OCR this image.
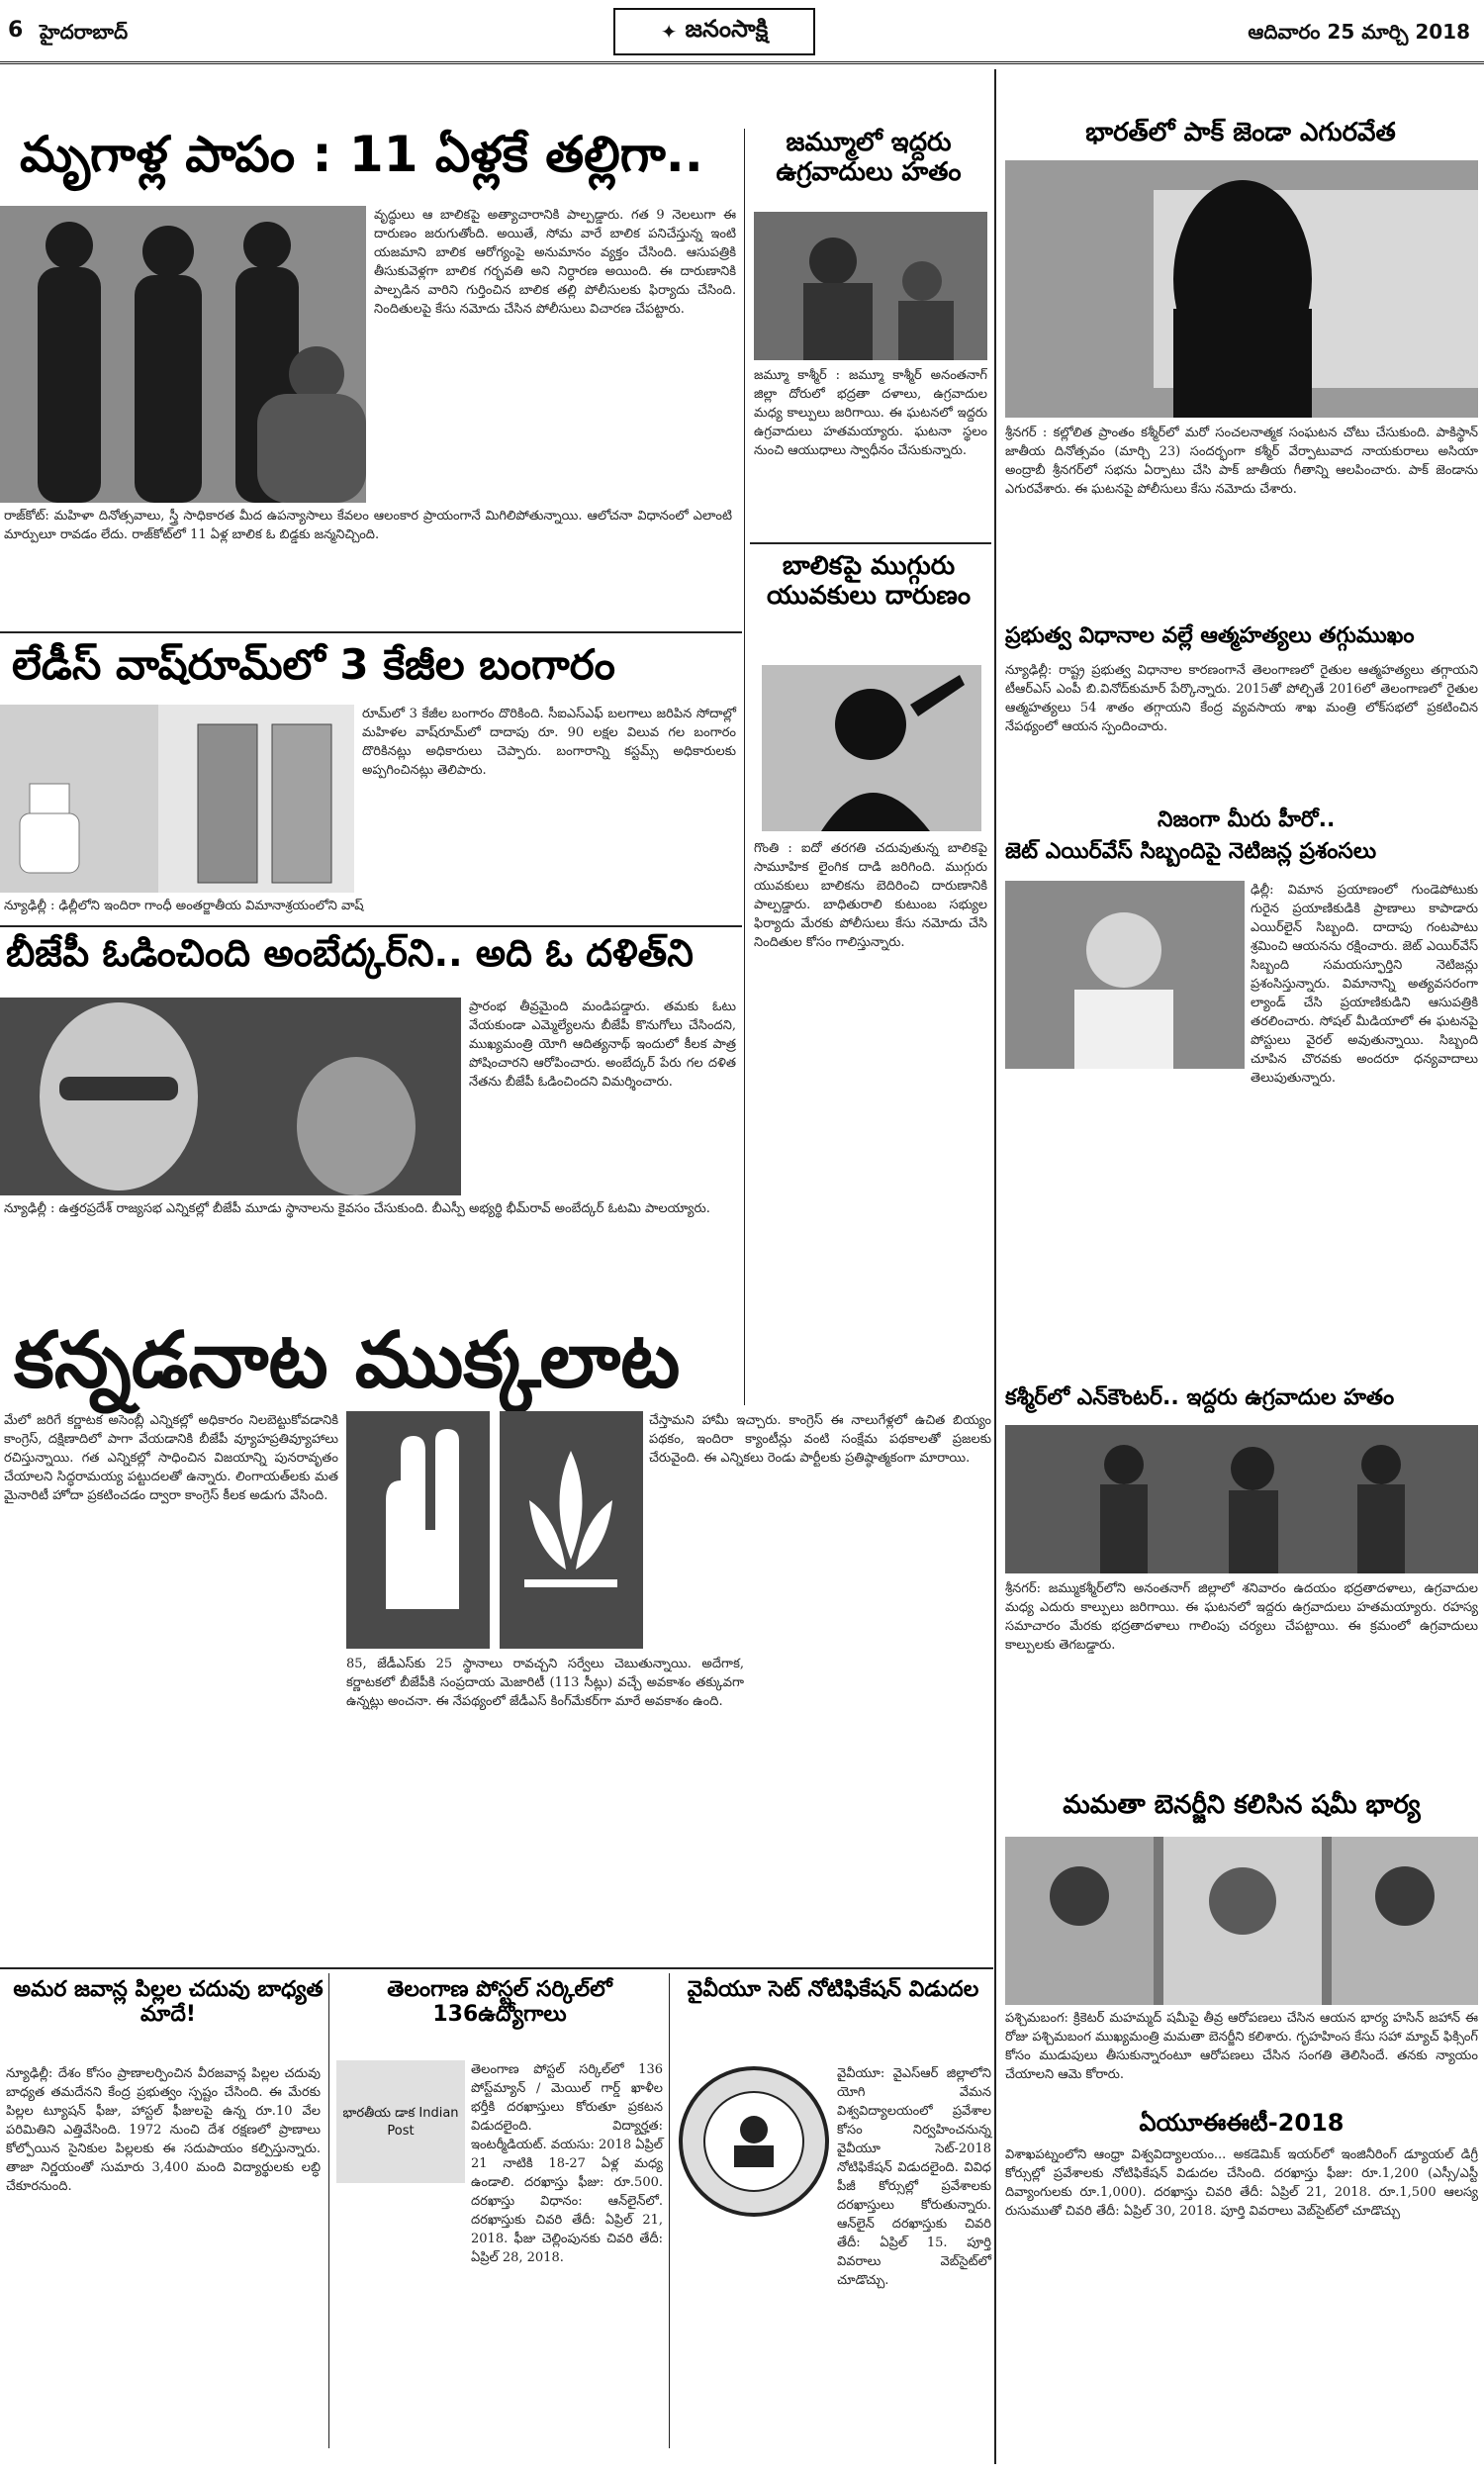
6 హైదరాబాద్	✦ జనంసాక్షి	ఆదివారం 25 మార్చి 2018
మృగాళ్ల పాపం : 11 ఏళ్లకే తల్లిగా..
వృద్ధులు ఆ బాలికపై అత్యాచారానికి పాల్పడ్డారు. గత 9 నెలలుగా ఈ దారుణం జరుగుతోంది. అయితే, సోమ వారే బాలిక పనిచేస్తున్న ఇంటి యజమాని బాలిక ఆరోగ్యంపై అనుమానం వ్యక్తం చేసింది. ఆసుపత్రికి తీసుకువెళ్లగా బాలిక గర్భవతి అని నిర్ధారణ అయింది. ఈ దారుణానికి పాల్పడిన వారిని గుర్తించిన బాలిక తల్లి పోలీసులకు ఫిర్యాదు చేసింది. నిందితులపై కేసు నమోదు చేసిన పోలీసులు విచారణ చేపట్టారు.
రాజ్‌కోట్‌: మహిళా దినోత్సవాలు, స్త్రీ సాధికారత మీద ఉపన్యాసాలు కేవలం ఆలంకార ప్రాయంగానే మిగిలిపోతున్నాయి. ఆలోచనా విధానంలో ఎలాంటి మార్పులూ రావడం లేదు. రాజ్‌కోట్‌లో 11 ఏళ్ల బాలిక ఓ బిడ్డకు జన్మనిచ్చింది.
లేడీస్‌ వాష్‌రూమ్‌లో 3 కేజీల బంగారం
రూమ్‌లో 3 కేజీల బంగారం దొరికింది. సీఐఎస్‌ఎఫ్‌ బలగాలు జరిపిన సోదాల్లో మహిళల వాష్‌రూమ్‌లో దాదాపు రూ. 90 లక్షల విలువ గల బంగారం దొరికినట్లు అధికారులు చెప్పారు. బంగారాన్ని కస్టమ్స్‌ అధికారులకు అప్పగించినట్లు తెలిపారు.
న్యూఢిల్లీ : ఢిల్లీలోని ఇందిరా గాంధీ అంతర్జాతీయ విమానాశ్రయంలోని వాష్‌
బీజేపీ ఓడించింది అంబేద్కర్‌ని.. అది ఓ దళిత్‌ని
ప్రారంభ తీవ్రమైంది మండిపడ్డారు. తమకు ఓటు వేయకుండా ఎమ్మెల్యేలను బీజేపీ కొనుగోలు చేసిందని, ముఖ్యమంత్రి యోగి ఆదిత్యనాథ్‌ ఇందులో కీలక పాత్ర పోషించారని ఆరోపించారు. అంబేద్కర్‌ పేరు గల దళిత నేతను బీజేపీ ఓడించిందని విమర్శించారు.
న్యూఢిల్లీ : ఉత్తరప్రదేశ్‌ రాజ్యసభ ఎన్నికల్లో బీజేపీ మూడు స్థానాలను కైవసం చేసుకుంది. బీఎస్పీ అభ్యర్థి భీమ్‌రావ్‌ అంబేద్కర్‌ ఓటమి పాలయ్యారు.
కన్నడనాట ముక్కలాట
మేలో జరిగే కర్ణాటక అసెంబ్లీ ఎన్నికల్లో అధికారం నిలబెట్టుకోవడానికి కాంగ్రెస్‌, దక్షిణాదిలో పాగా వేయడానికి బీజేపీ వ్యూహప్రతివ్యూహాలు రచిస్తున్నాయి. గత ఎన్నికల్లో సాధించిన విజయాన్ని పునరావృతం చేయాలని సిద్ధరామయ్య పట్టుదలతో ఉన్నారు. లింగాయత్‌లకు మత మైనారిటీ హోదా ప్రకటించడం ద్వారా కాంగ్రెస్‌ కీలక అడుగు వేసింది.
85, జేడీఎస్‌కు 25 స్థానాలు రావచ్చని సర్వేలు చెబుతున్నాయి. అదేగాక, కర్ణాటకలో బీజేపీకి సంప్రదాయ మెజారిటీ (113 సీట్లు) వచ్చే అవకాశం తక్కువగా ఉన్నట్లు అంచనా. ఈ నేపథ్యంలో జేడీఎస్‌ కింగ్‌మేకర్‌గా మారే అవకాశం ఉంది.
చేస్తామని హామీ ఇచ్చారు. కాంగ్రెస్‌ ఈ నాలుగేళ్లలో ఉచిత బియ్యం పథకం, ఇందిరా క్యాంటీన్లు వంటి సంక్షేమ పథకాలతో ప్రజలకు చేరువైంది. ఈ ఎన్నికలు రెండు పార్టీలకు ప్రతిష్ఠాత్మకంగా మారాయి.
జమ్మూలో ఇద్దరు ఉగ్రవాదులు హతం
జమ్మూ కాశ్మీర్‌ : జమ్మూ కాశ్మీర్‌ అనంతనాగ్‌ జిల్లా దోరులో భద్రతా దళాలు, ఉగ్రవాదుల మధ్య కాల్పులు జరిగాయి. ఈ ఘటనలో ఇద్దరు ఉగ్రవాదులు హతమయ్యారు. ఘటనా స్థలం నుంచి ఆయుధాలు స్వాధీనం చేసుకున్నారు.
బాలికపై ముగ్గురు యువకులు దారుణం
గొంతి : ఐదో తరగతి చదువుతున్న బాలికపై సామూహిక లైంగిక దాడి జరిగింది. ముగ్గురు యువకులు బాలికను బెదిరించి దారుణానికి పాల్పడ్డారు. బాధితురాలి కుటుంబ సభ్యుల ఫిర్యాదు మేరకు పోలీసులు కేసు నమోదు చేసి నిందితుల కోసం గాలిస్తున్నారు.
భారత్‌లో పాక్‌ జెండా ఎగురవేత
శ్రీనగర్‌ : కల్లోలిత ప్రాంతం కశ్మీర్‌లో మరో సంచలనాత్మక సంఘటన చోటు చేసుకుంది. పాకిస్థాన్‌ జాతీయ దినోత్సవం (మార్చి 23) సందర్భంగా కశ్మీర్‌ వేర్పాటువాద నాయకురాలు అసియా అంద్రాబీ శ్రీనగర్‌లో సభను ఏర్పాటు చేసి పాక్‌ జాతీయ గీతాన్ని ఆలపించారు. పాక్‌ జెండాను ఎగురవేశారు. ఈ ఘటనపై పోలీసులు కేసు నమోదు చేశారు.
ప్రభుత్వ విధానాల వల్లే ఆత్మహత్యలు తగ్గుముఖం
న్యూఢిల్లీ: రాష్ట్ర ప్రభుత్వ విధానాల కారణంగానే తెలంగాణలో రైతుల ఆత్మహత్యలు తగ్గాయని టీఆర్‌ఎస్‌ ఎంపీ బి.వినోద్‌కుమార్‌ పేర్కొన్నారు. 2015తో పోల్చితే 2016లో తెలంగాణలో రైతుల ఆత్మహత్యలు 54 శాతం తగ్గాయని కేంద్ర వ్యవసాయ శాఖ మంత్రి లోక్‌సభలో ప్రకటించిన నేపథ్యంలో ఆయన స్పందించారు.
నిజంగా మీరు హీరో..
జెట్‌ ఎయిర్‌వేస్‌ సిబ్బందిపై నెటిజన్ల ప్రశంసలు
ఢిల్లీ: విమాన ప్రయాణంలో గుండెపోటుకు గురైన ప్రయాణికుడికి ప్రాణాలు కాపాడారు ఎయిర్‌లైన్‌ సిబ్బంది. దాదాపు గంటపాటు శ్రమించి ఆయనను రక్షించారు. జెట్‌ ఎయిర్‌వేస్‌ సిబ్బంది సమయస్ఫూర్తిని నెటిజన్లు ప్రశంసిస్తున్నారు. విమానాన్ని అత్యవసరంగా ల్యాండ్‌ చేసి ప్రయాణికుడిని ఆసుపత్రికి తరలించారు. సోషల్‌ మీడియాలో ఈ ఘటనపై పోస్టులు వైరల్‌ అవుతున్నాయి. సిబ్బంది చూపిన చొరవకు అందరూ ధన్యవాదాలు తెలుపుతున్నారు.
కశ్మీర్‌లో ఎన్‌కౌంటర్‌.. ఇద్దరు ఉగ్రవాదుల హతం
శ్రీనగర్‌: జమ్ముకశ్మీర్‌లోని అనంతనాగ్‌ జిల్లాలో శనివారం ఉదయం భద్రతాదళాలు, ఉగ్రవాదుల మధ్య ఎదురు కాల్పులు జరిగాయి. ఈ ఘటనలో ఇద్దరు ఉగ్రవాదులు హతమయ్యారు. రహస్య సమాచారం మేరకు భద్రతాదళాలు గాలింపు చర్యలు చేపట్టాయి. ఈ క్రమంలో ఉగ్రవాదులు కాల్పులకు తెగబడ్డారు.
మమతా బెనర్జీని కలిసిన షమీ భార్య
పశ్చిమబంగ: క్రికెటర్‌ మహమ్మద్‌ షమీపై తీవ్ర ఆరోపణలు చేసిన ఆయన భార్య హసిన్‌ జహాన్‌ ఈ రోజు పశ్చిమబంగ ముఖ్యమంత్రి మమతా బెనర్జీని కలిశారు. గృహహింస కేసు సహా మ్యాచ్‌ ఫిక్సింగ్‌ కోసం ముడుపులు తీసుకున్నారంటూ ఆరోపణలు చేసిన సంగతి తెలిసిందే. తనకు న్యాయం చేయాలని ఆమె కోరారు.
ఏయూఈఈటీ-2018
విశాఖపట్నంలోని ఆంధ్రా విశ్వవిద్యాలయం... అకడెమిక్‌ ఇయర్‌లో ఇంజినీరింగ్‌ డ్యూయల్‌ డిగ్రీ కోర్సుల్లో ప్రవేశాలకు నోటిఫికేషన్‌ విడుదల చేసింది. దరఖాస్తు ఫీజు: రూ.1,200 (ఎస్సీ/ఎస్టీ దివ్యాంగులకు రూ.1,000). దరఖాస్తు చివరి తేదీ: ఏప్రిల్‌ 21, 2018. రూ.1,500 ఆలస్య రుసుముతో చివరి తేదీ: ఏప్రిల్‌ 30, 2018. పూర్తి వివరాలు వెబ్‌సైట్‌లో చూడొచ్చు
అమర జవాన్ల పిల్లల చదువు బాధ్యత మాదే!
న్యూఢిల్లీ: దేశం కోసం ప్రాణాలర్పించిన వీరజవాన్ల పిల్లల చదువు బాధ్యత తమదేనని కేంద్ర ప్రభుత్వం స్పష్టం చేసింది. ఈ మేరకు పిల్లల ట్యూషన్‌ ఫీజు, హాస్టల్‌ ఫీజులపై ఉన్న రూ.10 వేల పరిమితిని ఎత్తివేసింది. 1972 నుంచి దేశ రక్షణలో ప్రాణాలు కోల్పోయిన సైనికుల పిల్లలకు ఈ సదుపాయం కల్పిస్తున్నారు. తాజా నిర్ణయంతో సుమారు 3,400 మంది విద్యార్థులకు లబ్ధి చేకూరనుంది.
తెలంగాణ పోస్టల్‌ సర్కిల్‌లో 136ఉద్యోగాలు
భారతీయ డాక Indian Post
తెలంగాణ పోస్టల్‌ సర్కిల్‌లో 136 పోస్ట్‌మ్యాన్‌ / మెయిల్‌ గార్డ్‌ ఖాళీల భర్తీకి దరఖాస్తులు కోరుతూ ప్రకటన విడుదలైంది. విద్యార్హత: ఇంటర్మీడియట్‌. వయసు: 2018 ఏప్రిల్‌ 21 నాటికి 18-27 ఏళ్ల మధ్య ఉండాలి. దరఖాస్తు ఫీజు: రూ.500. దరఖాస్తు విధానం: ఆన్‌లైన్‌లో. దరఖాస్తుకు చివరి తేదీ: ఏప్రిల్‌ 21, 2018. ఫీజు చెల్లింపునకు చివరి తేదీ: ఏప్రిల్‌ 28, 2018.
వైవీయూ సెట్‌ నోటిఫికేషన్‌ విడుదల
వైవీయూ: వైఎస్‌ఆర్‌ జిల్లాలోని యోగి వేమన విశ్వవిద్యాలయంలో ప్రవేశాల కోసం నిర్వహించనున్న వైవీయూ సెట్‌-2018 నోటిఫికేషన్‌ విడుదలైంది. వివిధ పీజీ కోర్సుల్లో ప్రవేశాలకు దరఖాస్తులు కోరుతున్నారు. ఆన్‌లైన్‌ దరఖాస్తుకు చివరి తేదీ: ఏప్రిల్‌ 15. పూర్తి వివరాలు వెబ్‌సైట్‌లో చూడొచ్చు.
